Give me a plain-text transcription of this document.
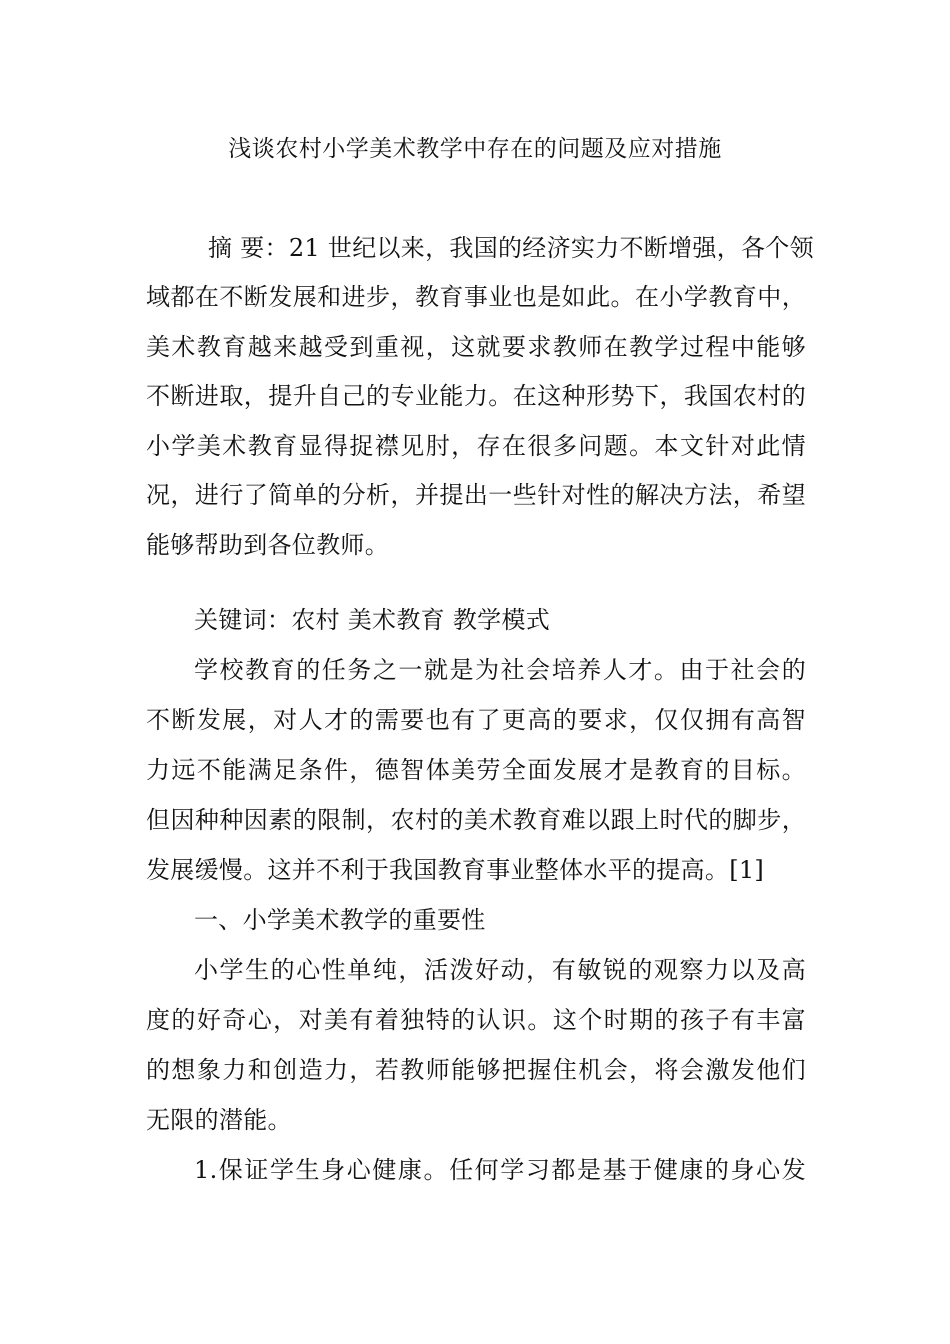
浅谈农村小学美术教学中存在的问题及应对措施
摘 要：21 世纪以来，我国的经济实力不断增强，各个领
域都在不断发展和进步，教育事业也是如此。在小学教育中，
美术教育越来越受到重视，这就要求教师在教学过程中能够
不断进取，提升自己的专业能力。在这种形势下，我国农村的
小学美术教育显得捉襟见肘，存在很多问题。本文针对此情
况，进行了简单的分析，并提出一些针对性的解决方法，希望
能够帮助到各位教师。
关键词：农村 美术教育 教学模式
学校教育的任务之一就是为社会培养人才。由于社会的
不断发展，对人才的需要也有了更高的要求，仅仅拥有高智
力远不能满足条件，德智体美劳全面发展才是教育的目标。
但因种种因素的限制，农村的美术教育难以跟上时代的脚步，
发展缓慢。这并不利于我国教育事业整体水平的提高。[1]
一、小学美术教学的重要性
小学生的心性单纯，活泼好动，有敏锐的观察力以及高
度的好奇心，对美有着独特的认识。这个时期的孩子有丰富
的想象力和创造力，若教师能够把握住机会，将会激发他们
无限的潜能。
1.保证学生身心健康。任何学习都是基于健康的身心发
